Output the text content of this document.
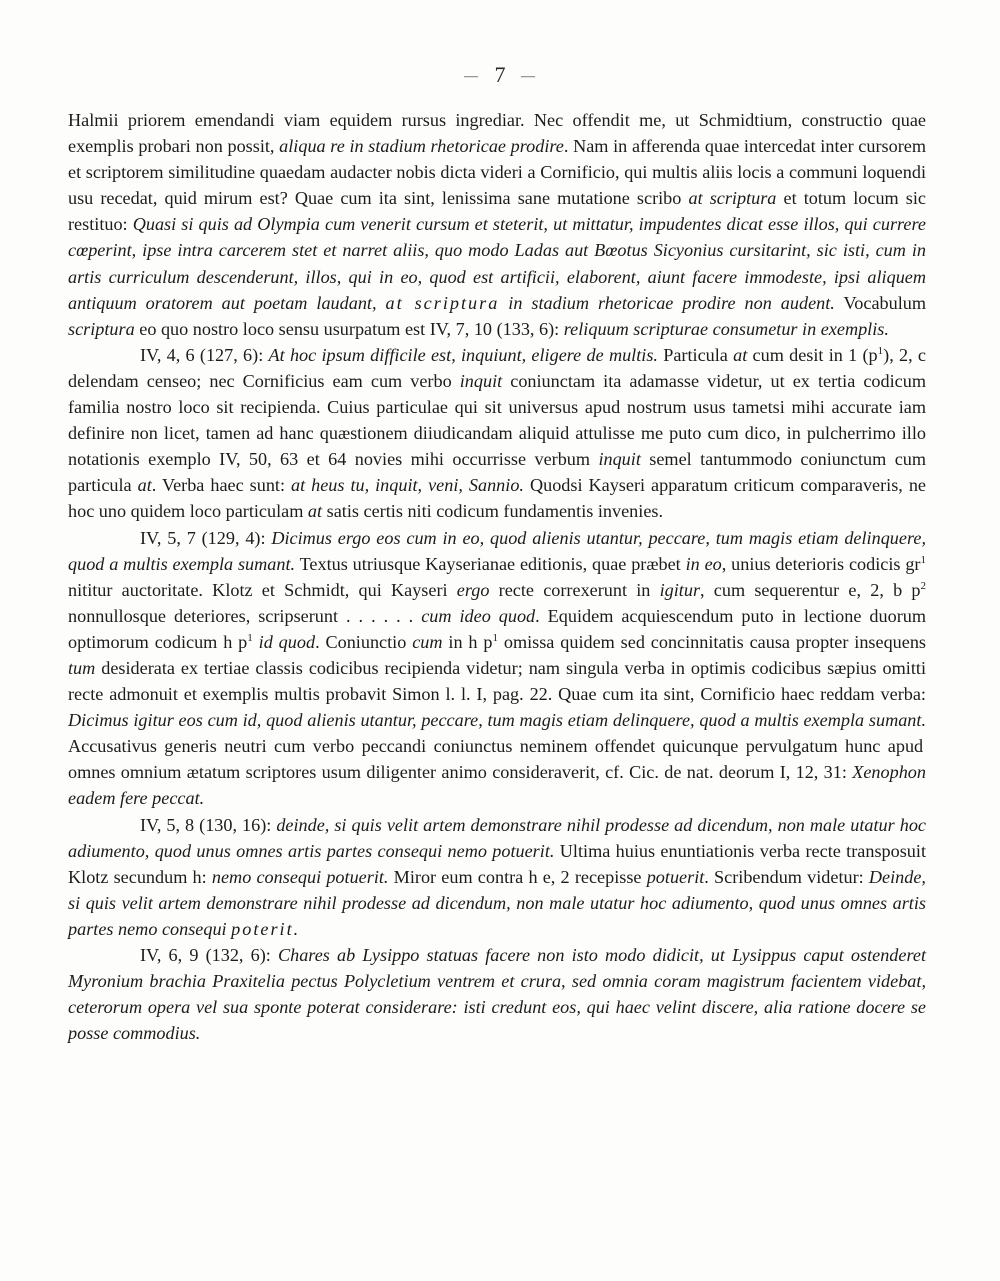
— 7 —

Halmii priorem emendandi viam equidem rursus ingrediar. Nec offendit me, ut Schmidtium, constructio quae exemplis probari non possit, aliqua re in stadium rhetoricae prodire. Nam in afferenda quae intercedat inter cursorem et scriptorem similitudine quaedam audacter nobis dicta videri a Cornificio, qui multis aliis locis a communi loquendi usu recedat, quid mirum est? Quae cum ita sint, lenissima sane mutatione scribo at scriptura et totum locum sic restituo: Quasi si quis ad Olympia cum venerit cursum et steterit, ut mittatur, impudentes dicat esse illos, qui currere cœperint, ipse intra carcerem stet et narret aliis, quo modo Ladas aut Bœotus Sicyonius cursitarint, sic isti, cum in artis curriculum descenderunt, illos, qui in eo, quod est artificii, elaborent, aiunt facere immodeste, ipsi aliquem antiquum oratorem aut poetam laudant, at scriptura in stadium rhetoricae prodire non audent. Vocabulum scriptura eo quo nostro loco sensu usurpatum est IV, 7, 10 (133, 6): reliquum scripturae consumetur in exemplis.

IV, 4, 6 (127, 6): At hoc ipsum difficile est, inquiunt, eligere de multis. Particula at cum desit in 1 $(p^1)$, 2, c delendam censeo; nec Cornificius eam cum verbo inquit coniunctam ita adamasse videtur, ut ex tertia codicum familia nostro loco sit recipienda. Cuius particulae qui sit universus apud nostrum usus tametsi mihi accurate iam definire non licet, tamen ad hanc quæstionem diiudicandam aliquid attulisse me puto cum dico, in pulcherrimo illo notationis exemplo IV, 50, 63 et 64 novies mihi occurrisse verbum inquit semel tantummodo coniunctum cum particula at. Verba haec sunt: at heus tu, inquit, veni, Sannio. Quodsi Kayseri apparatum criticum comparaveris, ne hoc uno quidem loco particulam at satis certis niti codicum fundamentis invenies.

IV, 5, 7 (129, 4): Dicimus ergo eos cum in eo, quod alienis utantur, peccare, tum magis etiam delinquere, quod a multis exempla sumant. Textus utriusque Kayserianae editionis, quae præbet in eo, unius deterioris codicis $gr^1$ nititur auctoritate. Klotz et Schmidt, qui Kayseri ergo recte correxerunt in igitur, cum sequerentur e, 2, b $p^2$ nonnullosque deteriores, scripserunt . . . . . . cum ideo quod. Equidem acquiescendum puto in lectione duorum optimorum codicum h $p^1$ id quod. Coniunctio cum in h $p^1$ omissa quidem sed concinnitatis causa propter insequens tum desiderata ex tertiae classis codicibus recipienda videtur; nam singula verba in optimis codicibus sæpius omitti recte admonuit et exemplis multis probavit Simon l. l. I, pag. 22. Quae cum ita sint, Cornificio haec reddam verba: Dicimus igitur eos cum id, quod alienis utantur, peccare, tum magis etiam delinquere, quod a multis exempla sumant. Accusativus generis neutri cum verbo peccandi coniunctus neminem offendet quicunque pervulgatum hunc apud omnes omnium ætatum scriptores usum diligenter animo consideraverit, cf. Cic. de nat. deorum I, 12, 31: Xenophon eadem fere peccat.

IV, 5, 8 (130, 16): deinde, si quis velit artem demonstrare nihil prodesse ad dicendum, non male utatur hoc adiumento, quod unus omnes artis partes consequi nemo potuerit. Ultima huius enuntiationis verba recte transposuit Klotz secundum h: nemo consequi potuerit. Miror eum contra h e, 2 recepisse potuerit. Scribendum videtur: Deinde, si quis velit artem demonstrare nihil prodesse ad dicendum, non male utatur hoc adiumento, quod unus omnes artis partes nemo consequi poterit.

IV, 6, 9 (132, 6): Chares ab Lysippo statuas facere non isto modo didicit, ut Lysippus caput ostenderet Myronium brachia Praxitelia pectus Polycletium ventrem et crura, sed omnia coram magistrum facientem videbat, ceterorum opera vel sua sponte poterat considerare: isti credunt eos, qui haec velint discere, alia ratione docere se posse commodius.
